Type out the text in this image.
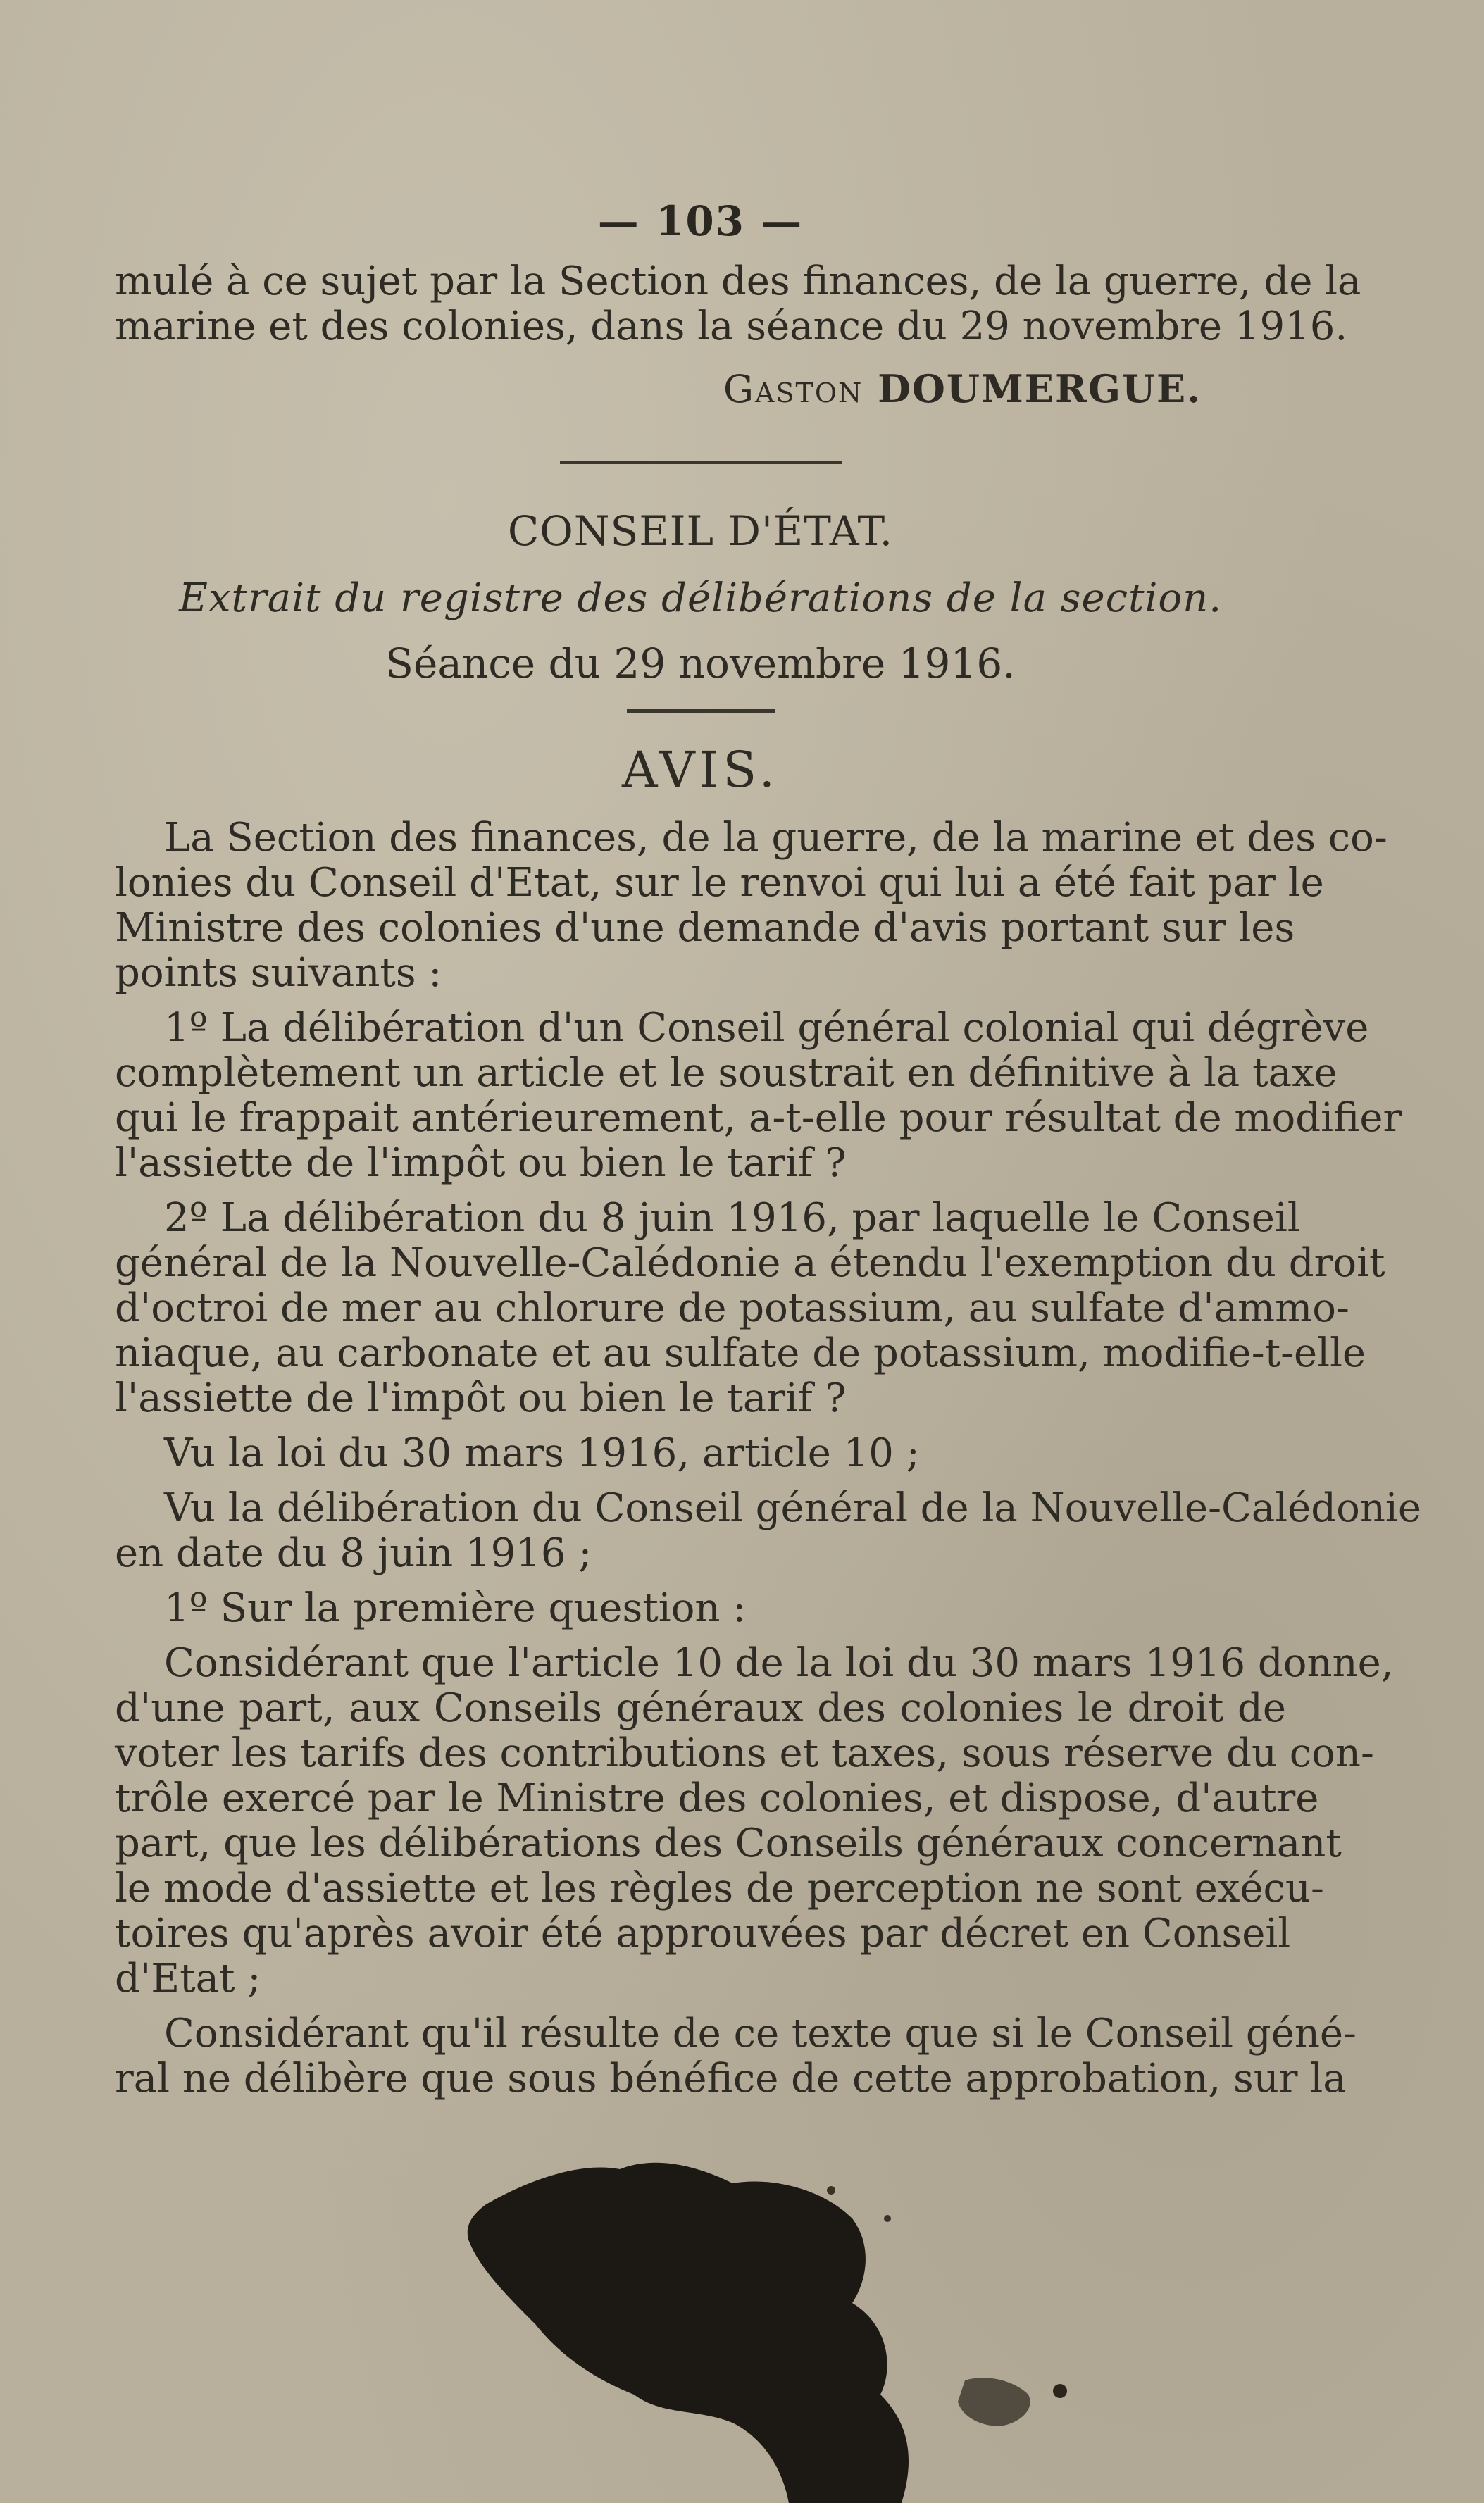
— 103 —
mulé à ce sujet par la Section des finances, de la guerre, de la
marine et des colonies, dans la séance du 29 novembre 1916.
Gaston DOUMERGUE.
CONSEIL D'ÉTAT.
Extrait du registre des délibérations de la section.
Séance du 29 novembre 1916.
AVIS.
La Section des finances, de la guerre, de la marine et des co-
lonies du Conseil d'Etat, sur le renvoi qui lui a été fait par le
Ministre des colonies d'une demande d'avis portant sur les
points suivants :
1º La délibération d'un Conseil général colonial qui dégrève
complètement un article et le soustrait en définitive à la taxe
qui le frappait antérieurement, a-t-elle pour résultat de modifier
l'assiette de l'impôt ou bien le tarif ?
2º La délibération du 8 juin 1916, par laquelle le Conseil
général de la Nouvelle-Calédonie a étendu l'exemption du droit
d'octroi de mer au chlorure de potassium, au sulfate d'ammo-
niaque, au carbonate et au sulfate de potassium, modifie-t-elle
l'assiette de l'impôt ou bien le tarif ?
Vu la loi du 30 mars 1916, article 10 ;
Vu la délibération du Conseil général de la Nouvelle-Calédonie
en date du 8 juin 1916 ;
1º Sur la première question :
Considérant que l'article 10 de la loi du 30 mars 1916 donne,
d'une part, aux Conseils généraux des colonies le droit de
voter les tarifs des contributions et taxes, sous réserve du con-
trôle exercé par le Ministre des colonies, et dispose, d'autre
part, que les délibérations des Conseils généraux concernant
le mode d'assiette et les règles de perception ne sont exécu-
toires qu'après avoir été approuvées par décret en Conseil
d'Etat ;
Considérant qu'il résulte de ce texte que si le Conseil géné-
ral ne délibère que sous bénéfice de cette approbation, sur la
